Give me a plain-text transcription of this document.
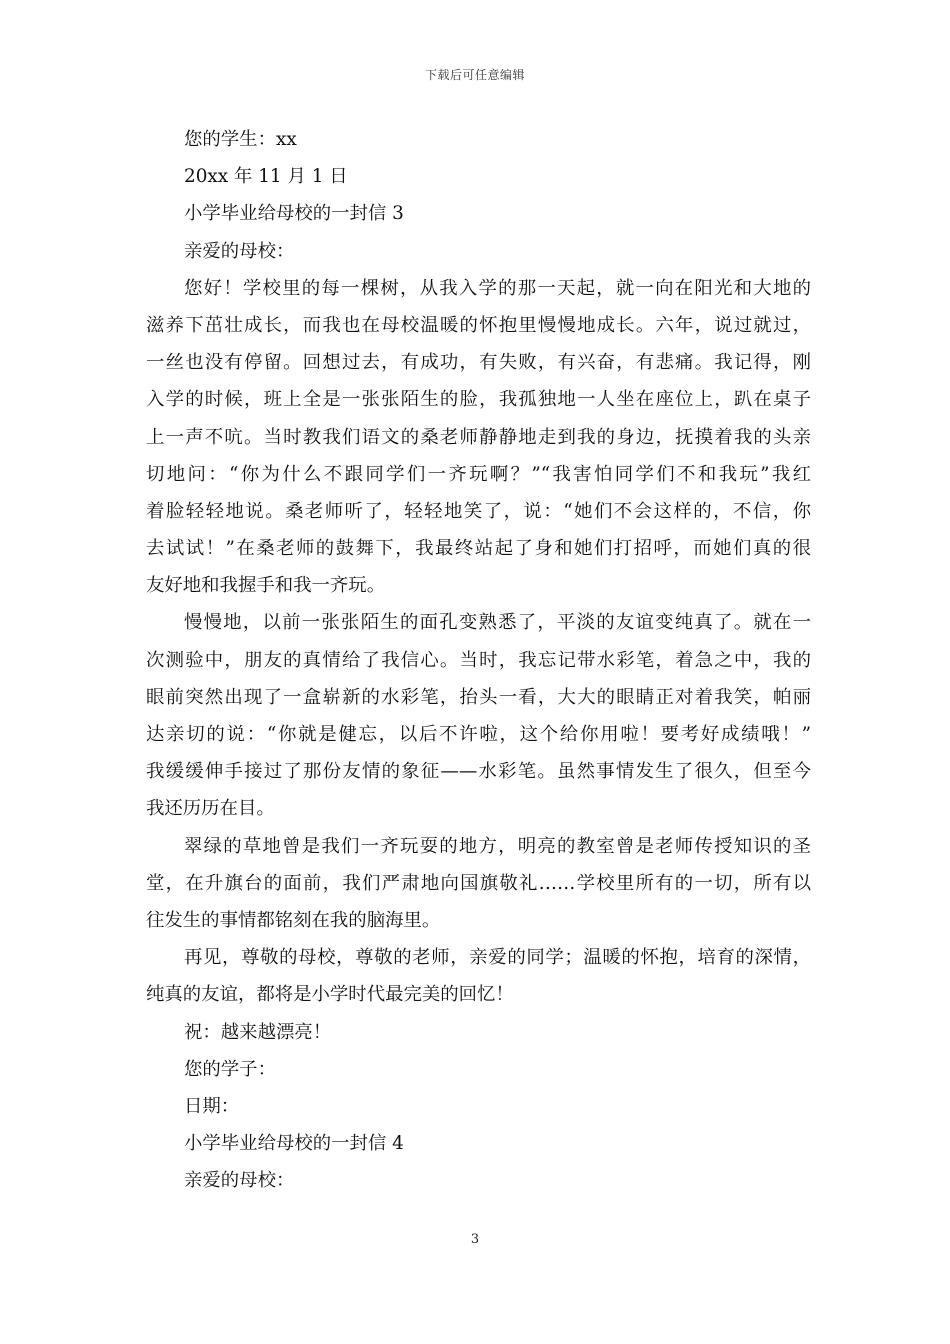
下载后可任意编辑
您的学生：xx
20xx 年 11 月 1 日
小学毕业给母校的一封信 3
亲爱的母校：
您好！学校里的每一棵树，从我入学的那一天起，就一向在阳光和大地的
滋养下茁壮成长，而我也在母校温暖的怀抱里慢慢地成长。六年，说过就过，
一丝也没有停留。回想过去，有成功，有失败，有兴奋，有悲痛。我记得，刚
入学的时候，班上全是一张张陌生的脸，我孤独地一人坐在座位上，趴在桌子
上一声不吭。当时教我们语文的桑老师静静地走到我的身边，抚摸着我的头亲
切地问：“你为什么不跟同学们一齐玩啊？”“我害怕同学们不和我玩”我红
着脸轻轻地说。桑老师听了，轻轻地笑了，说：“她们不会这样的，不信，你
去试试！”在桑老师的鼓舞下，我最终站起了身和她们打招呼，而她们真的很
友好地和我握手和我一齐玩。
慢慢地，以前一张张陌生的面孔变熟悉了，平淡的友谊变纯真了。就在一
次测验中，朋友的真情给了我信心。当时，我忘记带水彩笔，着急之中，我的
眼前突然出现了一盒崭新的水彩笔，抬头一看，大大的眼睛正对着我笑，帕丽
达亲切的说：“你就是健忘，以后不许啦，这个给你用啦！要考好成绩哦！”
我缓缓伸手接过了那份友情的象征——水彩笔。虽然事情发生了很久，但至今
我还历历在目。
翠绿的草地曾是我们一齐玩耍的地方，明亮的教室曾是老师传授知识的圣
堂，在升旗台的面前，我们严肃地向国旗敬礼……学校里所有的一切，所有以
往发生的事情都铭刻在我的脑海里。
再见，尊敬的母校，尊敬的老师，亲爱的同学；温暖的怀抱，培育的深情，
纯真的友谊，都将是小学时代最完美的回忆！
祝：越来越漂亮！
您的学子：
日期：
小学毕业给母校的一封信 4
亲爱的母校：
3
